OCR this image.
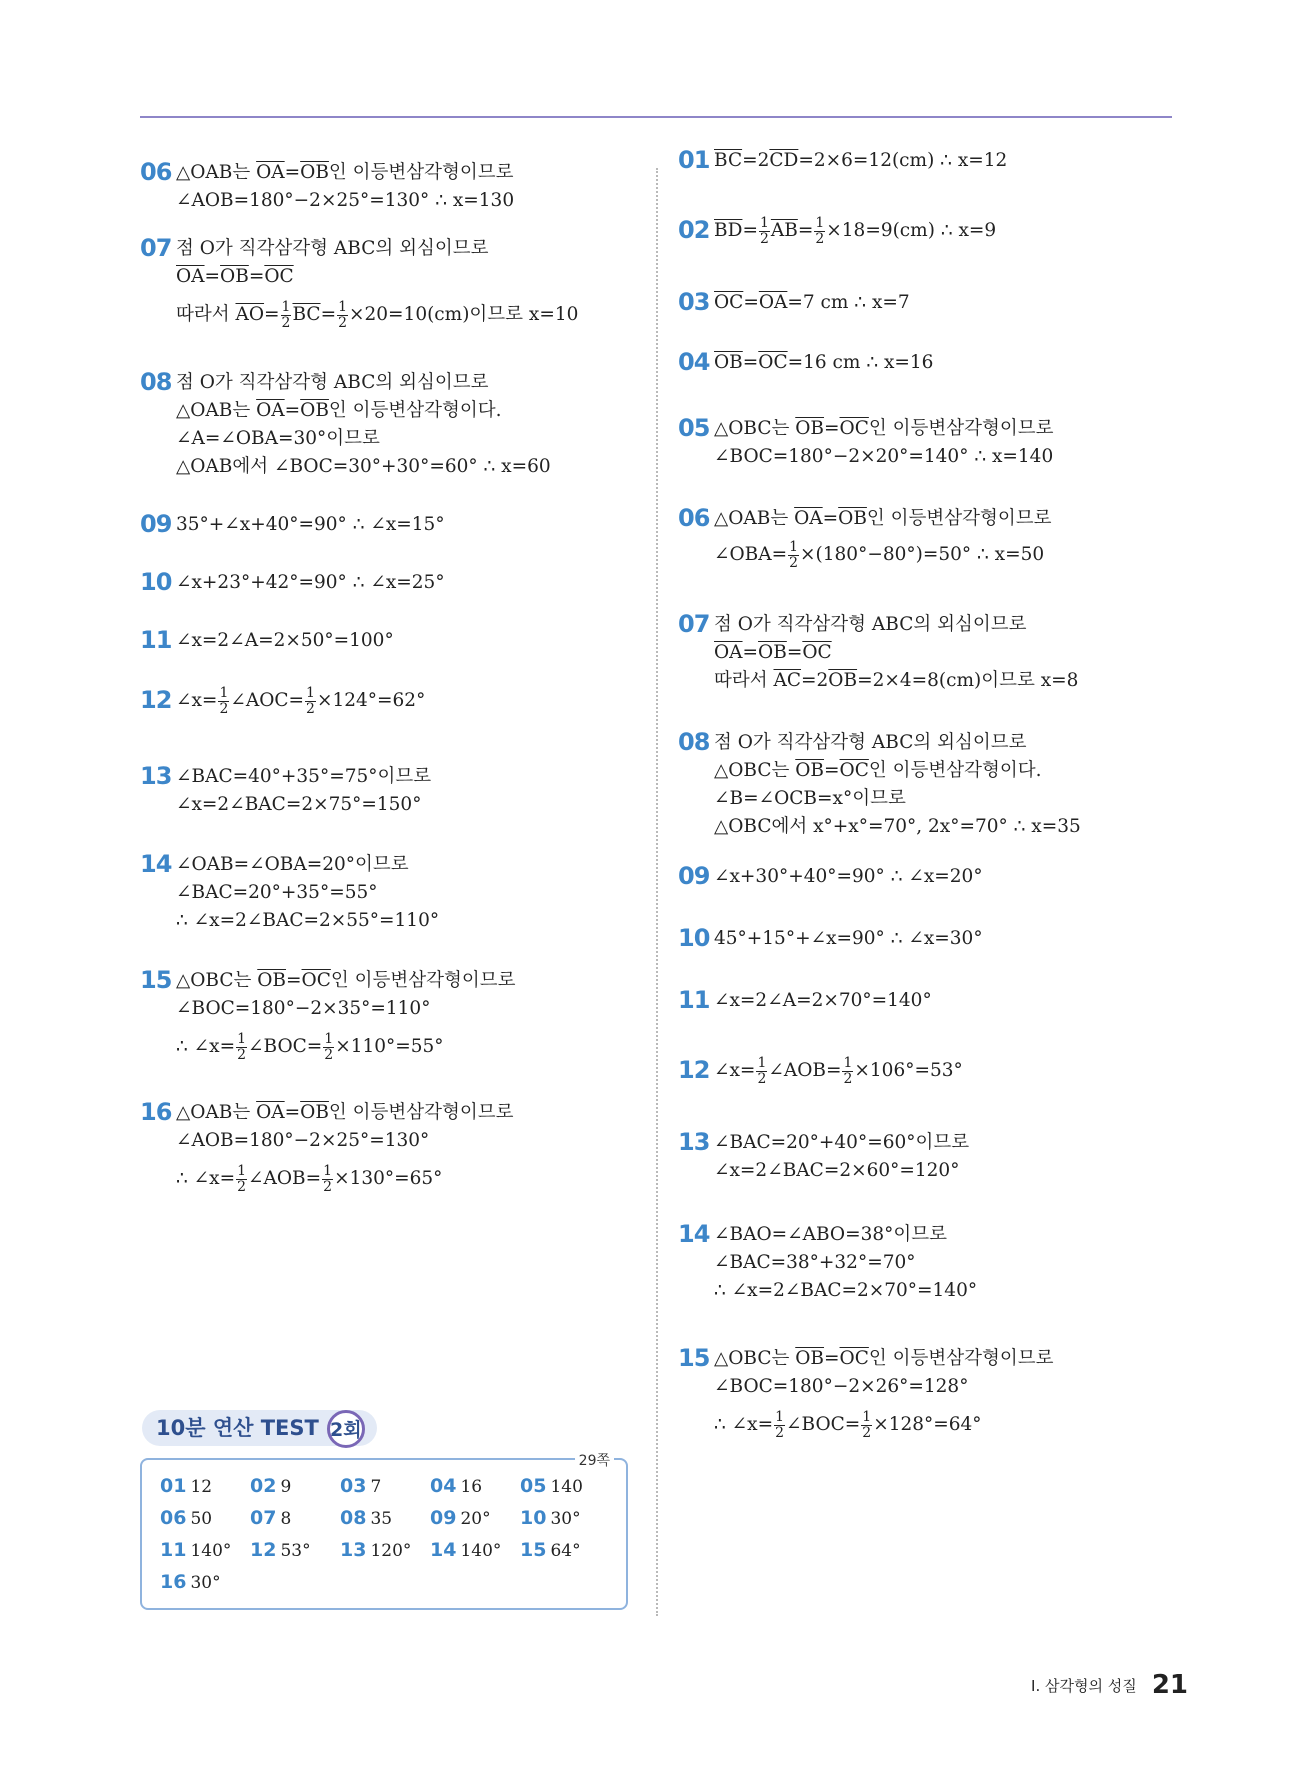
06 △OAB는 $\overline{OA}=\overline{OB}$인 이등변삼각형이므로
∠AOB=180°−2×25°=130° ∴ x=130
07 점 O가 직각삼각형 ABC의 외심이므로
$\overline{OA}=\overline{OB}=\overline{OC}$
따라서 $\overline{AO}= \frac{1}{2} \overline{BC}= \frac{1}{2} \times 20=10(cm)$이므로 x=10
08 점 O가 직각삼각형 ABC의 외심이므로
△OAB는 $\overline{OA}=\overline{OB}$인 이등변삼각형이다.
∠A=∠OBA=30°이므로
△OAB에서 ∠BOC=30°+30°=60° ∴ x=60
09 35°+∠x+40°=90° ∴ ∠x=15°
10 ∠x+23°+42°=90° ∴ ∠x=25°
11 ∠x=2∠A=2×50°=100°
12 ∠x= $\frac{1}{2}$ ∠AOC= $\frac{1}{2} \times 124^\circ=62^\circ$
13 ∠BAC=40°+35°=75°이므로
∠x=2∠BAC=2×75°=150°
14 ∠OAB=∠OBA=20°이므로
∠BAC=20°+35°=55°
∴ ∠x=2∠BAC=2×55°=110°
15 △OBC는 $\overline{OB}=\overline{OC}$인 이등변삼각형이므로
∠BOC=180°−2×35°=110°
∴ ∠x= $\frac{1}{2}$ ∠BOC= $\frac{1}{2} \times 110^\circ=55^\circ$
16 △OAB는 $\overline{OA}=\overline{OB}$인 이등변삼각형이므로
∠AOB=180°−2×25°=130°
∴ ∠x= $\frac{1}{2}$ ∠AOB= $\frac{1}{2} \times 130^\circ=65^\circ$
01 $\overline{BC}=2\overline{CD}=2\times 6=12(cm)$ ∴ x=12
02 $\overline{BD}= \frac{1}{2} \overline{AB}= \frac{1}{2} \times 18=9(cm)$ ∴ x=9
03 $\overline{OC}=\overline{OA}=7$ cm ∴ x=7
04 $\overline{OB}=\overline{OC}=16$ cm ∴ x=16
05 △OBC는 $\overline{OB}=\overline{OC}$인 이등변삼각형이므로
∠BOC=180°−2×20°=140° ∴ x=140
06 △OAB는 $\overline{OA}=\overline{OB}$인 이등변삼각형이므로
∠OBA= $\frac{1}{2} \times(180^\circ-80^\circ)=50^\circ$ ∴ x=50
07 점 O가 직각삼각형 ABC의 외심이므로
$\overline{OA}=\overline{OB}=\overline{OC}$
따라서 $\overline{AC}=2\overline{OB}=2\times 4=8(cm)$이므로 x=8
08 점 O가 직각삼각형 ABC의 외심이므로
△OBC는 $\overline{OB}=\overline{OC}$인 이등변삼각형이다.
∠B=∠OCB=x°이므로
△OBC에서 x°+x°=70°, 2x°=70° ∴ x=35
09 ∠x+30°+40°=90° ∴ ∠x=20°
10 45°+15°+∠x=90° ∴ ∠x=30°
11 ∠x=2∠A=2×70°=140°
12 ∠x= $\frac{1}{2}$ ∠AOB= $\frac{1}{2} \times 106^\circ=53^\circ$
13 ∠BAC=20°+40°=60°이므로
∠x=2∠BAC=2×60°=120°
14 ∠BAO=∠ABO=38°이므로
∠BAC=38°+32°=70°
∴ ∠x=2∠BAC=2×70°=140°
15 △OBC는 $\overline{OB}=\overline{OC}$인 이등변삼각형이므로
∠BOC=180°−2×26°=128°
∴ ∠x= $\frac{1}{2}$ ∠BOC= $\frac{1}{2} \times 128^\circ=64^\circ$
29쪽
10분 연산 TEST 2회
01 12 02 9	03 7	04 16 05 140
06 50 07 8	08 35 09 20° 10 30°
11 140° 12 53° 13 120° 14 140° 15 64°
16 30°
I. 삼각형의 성질 21
